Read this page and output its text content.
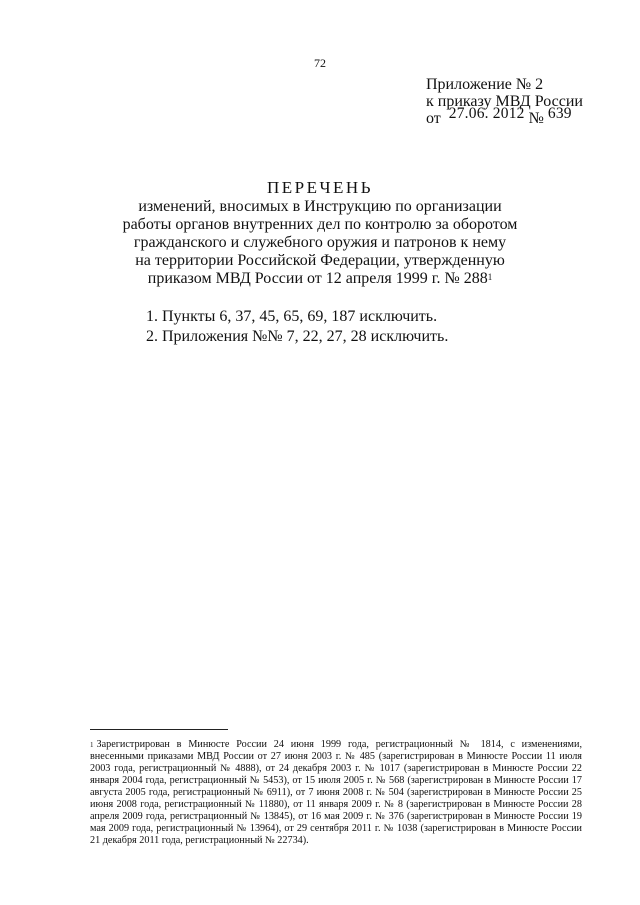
72
Приложение № 2
к приказу МВД России
от 27.06. 2012 № 639
ПЕРЕЧЕНЬ
изменений, вносимых в Инструкцию по организации
работы органов внутренних дел по контролю за оборотом
гражданского и служебного оружия и патронов к нему
на территории Российской Федерации, утвержденную
приказом МВД России от 12 апреля 1999 г. № $288^1$
1. Пункты 6, 37, 45, 65, 69, 187 исключить.
2. Приложения №№ 7, 22, 27, 28 исключить.
$^1$ Зарегистрирован в Минюсте России 24 июня 1999 года, регистрационный № 1814, с изменениями, внесенными приказами МВД России от 27 июня 2003 г. № 485 (зарегистрирован в Минюсте России 11 июля 2003 года, регистрационный № 4888), от 24 декабря 2003 г. № 1017 (зарегистрирован в Минюсте России 22 января 2004 года, регистрационный № 5453), от 15 июля 2005 г. № 568 (зарегистрирован в Минюсте России 17 августа 2005 года, регистрационный № 6911), от 7 июня 2008 г. № 504 (зарегистрирован в Минюсте России 25 июня 2008 года, регистрационный № 11880), от 11 января 2009 г. № 8 (зарегистрирован в Минюсте России 28 апреля 2009 года, регистрационный № 13845), от 16 мая 2009 г. № 376 (зарегистрирован в Минюсте России 19 мая 2009 года, регистрационный № 13964), от 29 сентября 2011 г. № 1038 (зарегистрирован в Минюсте России 21 декабря 2011 года, регистрационный № 22734).
